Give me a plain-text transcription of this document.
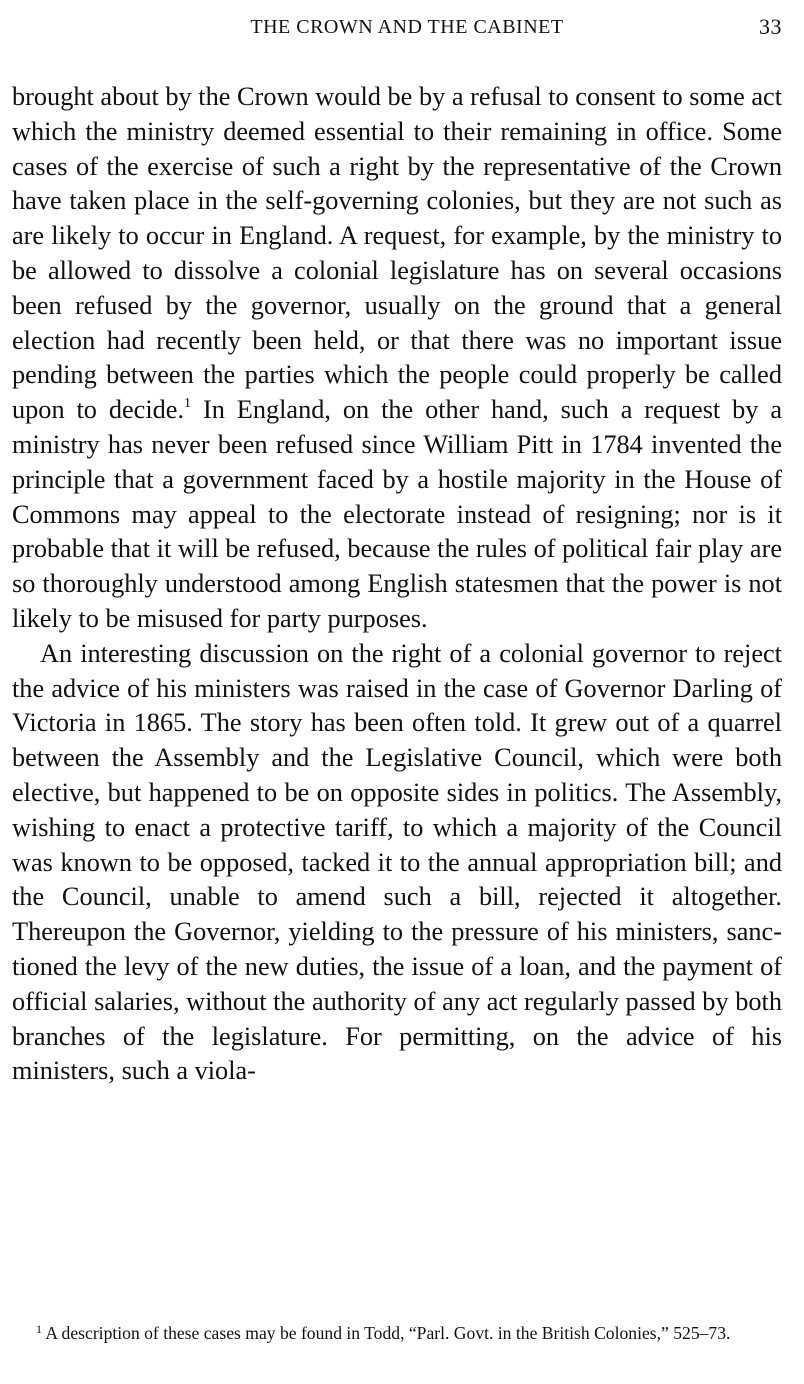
THE CROWN AND THE CABINET	33

brought about by the Crown would be by a refusal to consent to some act which the ministry deemed essential to their remaining in office. Some cases of the exercise of such a right by the representative of the Crown have taken place in the self-governing colonies, but they are not such as are likely to occur in England. A request, for example, by the ministry to be allowed to dissolve a colonial legislature has on several occasions been refused by the governor, usually on the ground that a general election had recently been held, or that there was no important issue pending between the parties which the people could properly be called upon to decide.$^1$ In England, on the other hand, such a request by a ministry has never been refused since William Pitt in 1784 invented the principle that a government faced by a hostile majority in the House of Commons may appeal to the electorate instead of resigning; nor is it probable that it will be refused, because the rules of political fair play are so thoroughly understood among English statesmen that the power is not likely to be misused for party purposes.

An interesting discussion on the right of a colonial governor to reject the advice of his ministers was raised in the case of Governor Darling of Victoria in 1865. The story has been often told. It grew out of a quarrel between the Assembly and the Legislative Council, which were both elective, but happened to be on opposite sides in politics. The Assembly, wishing to enact a protective tariff, to which a majority of the Council was known to be opposed, tacked it to the annual appropriation bill; and the Council, unable to amend such a bill, rejected it altogether. Thereupon the Governor, yielding to the pressure of his ministers, sanctioned the levy of the new duties, the issue of a loan, and the payment of official salaries, without the authority of any act regularly passed by both branches of the legislature. For permitting, on the advice of his ministers, such a viola-

$^1$ A description of these cases may be found in Todd, “Parl. Govt. in the British Colonies,” 525–73.
